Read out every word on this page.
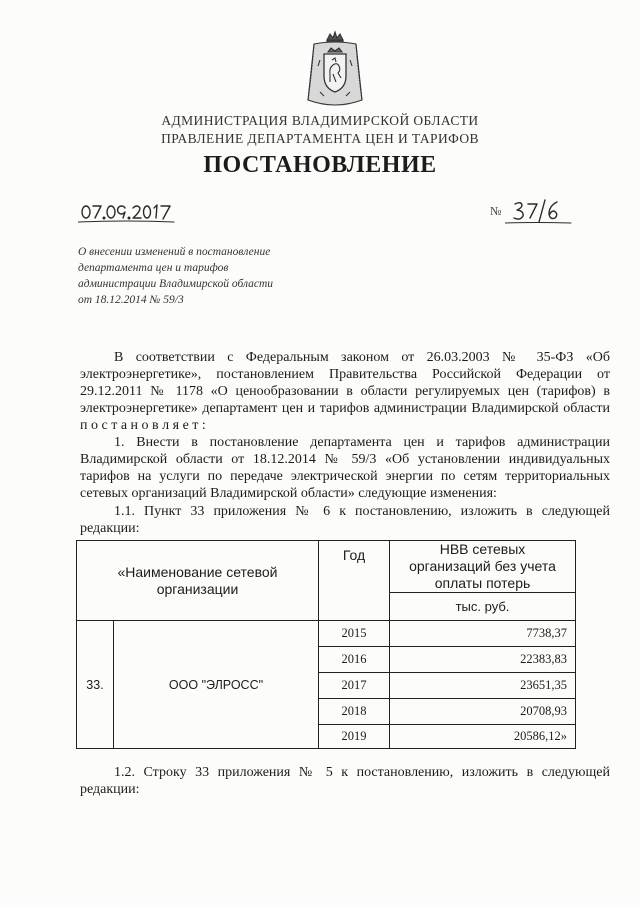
АДМИНИСТРАЦИЯ ВЛАДИМИРСКОЙ ОБЛАСТИ
ПРАВЛЕНИЕ ДЕПАРТАМЕНТА ЦЕН И ТАРИФОВ
ПОСТАНОВЛЕНИЕ
№
О внесении изменений в постановление
департамента цен и тарифов
администрации Владимирской области
от 18.12.2014 № 59/3
В соответствии с Федеральным законом от 26.03.2003 № 35-ФЗ «Об электроэнергетике», постановлением Правительства Российской Федерации от 29.12.2011 № 1178 «О ценообразовании в области регулируемых цен (тарифов) в электроэнергетике» департамент цен и тарифов администрации Владимирской области п о с т а н о в л я е т :
1. Внести в постановление департамента цен и тарифов администрации Владимирской области от 18.12.2014 № 59/3 «Об установлении индивидуальных тарифов на услуги по передаче электрической энергии по сетям территориальных сетевых организаций Владимирской области» следующие изменения:
1.1. Пункт 33 приложения № 6 к постановлению, изложить в следующей редакции:
«Наименование сетевой организации		Год	НВВ сетевых организаций без учета оплаты потерь
			тыс. руб.
33.	ООО "ЭЛРОСС"	2015	7738,37
		2016	22383,83
		2017	23651,35
		2018	20708,93
		2019	20586,12»
1.2. Строку 33 приложения № 5 к постановлению, изложить в следующей редакции:
